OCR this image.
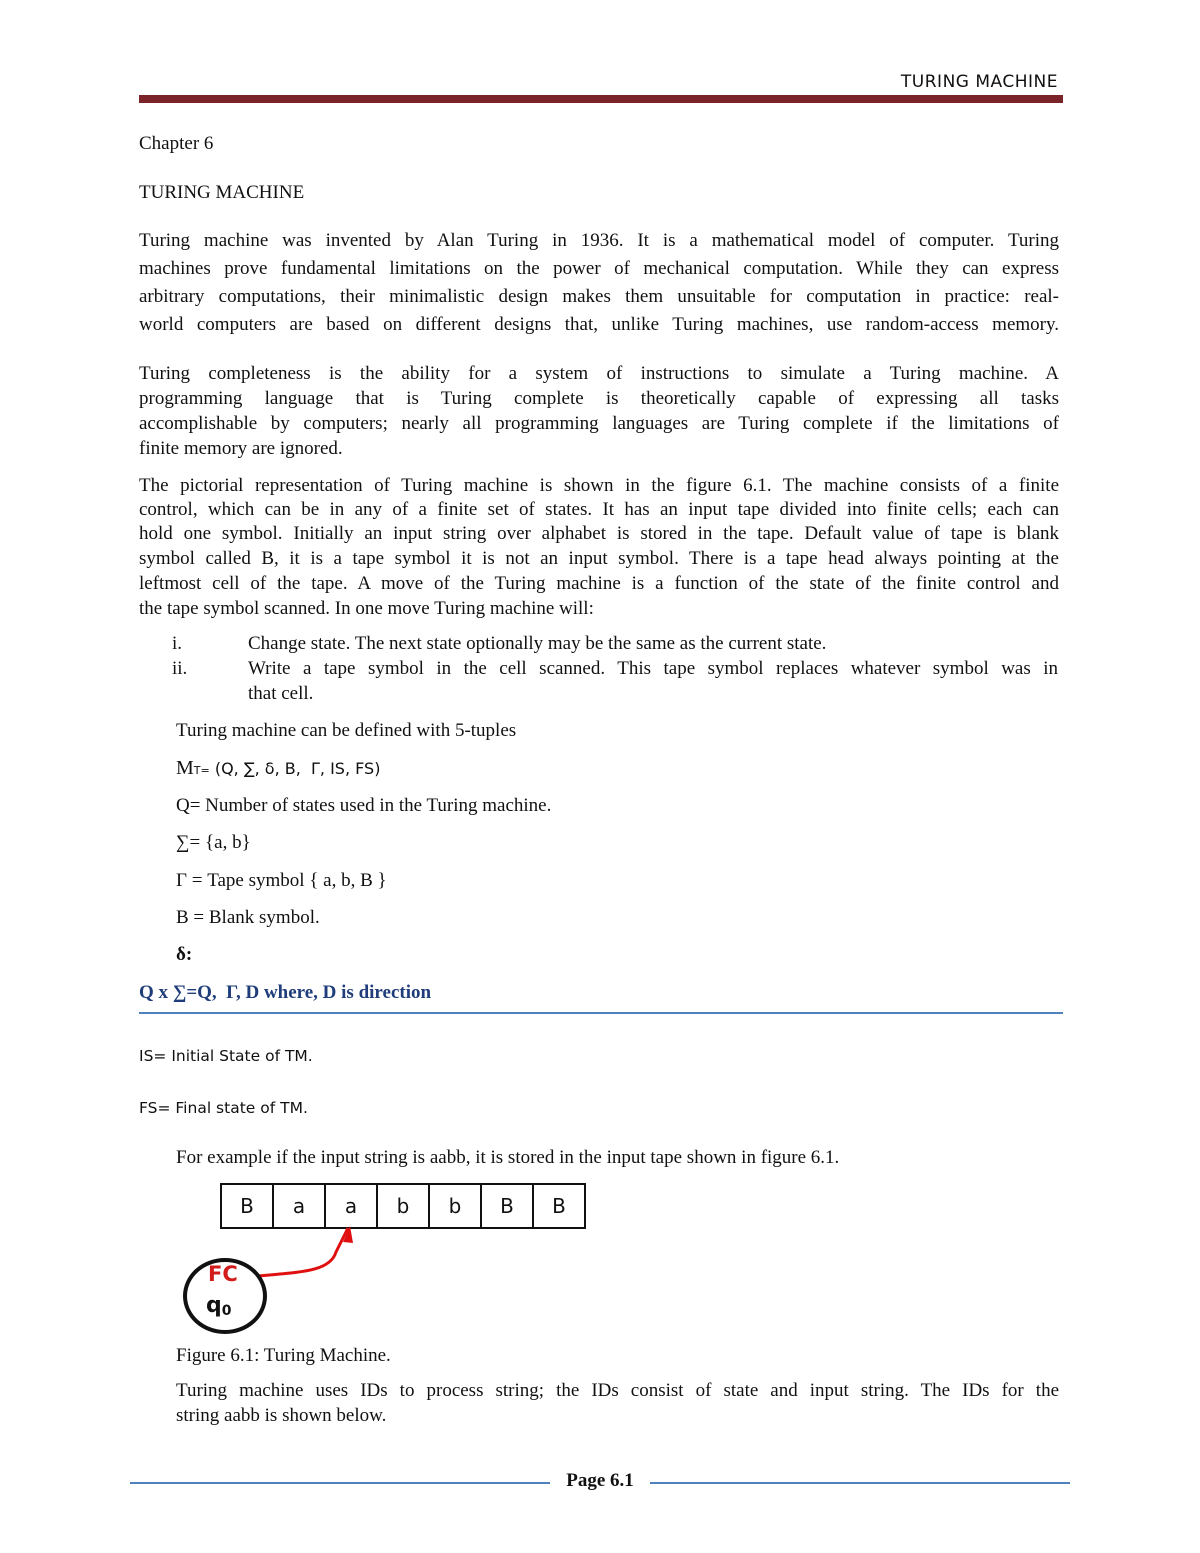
TURING MACHINE
Chapter 6
TURING MACHINE
Turing machine was invented by Alan Turing in 1936. It is a mathematical model of computer. Turing
machines prove fundamental limitations on the power of mechanical computation. While they can express
arbitrary computations, their minimalistic design makes them unsuitable for computation in practice: real-
world computers are based on different designs that, unlike Turing machines, use random-access memory.
Turing completeness is the ability for a system of instructions to simulate a Turing machine. A
programming language that is Turing complete is theoretically capable of expressing all tasks
accomplishable by computers; nearly all programming languages are Turing complete if the limitations of
finite memory are ignored.
The pictorial representation of Turing machine is shown in the figure 6.1. The machine consists of a finite
control, which can be in any of a finite set of states. It has an input tape divided into finite cells; each can
hold one symbol. Initially an input string over alphabet is stored in the tape. Default value of tape is blank
symbol called B, it is a tape symbol it is not an input symbol. There is a tape head always pointing at the
leftmost cell of the tape. A move of the Turing machine is a function of the state of the finite control and
the tape symbol scanned. In one move Turing machine will:
i.	Change state. The next state optionally may be the same as the current state.
ii.	Write a tape symbol in the cell scanned. This tape symbol replaces whatever symbol was in
that cell.
Turing machine can be defined with 5-tuples
MT= (Q, ∑, δ, B,  Γ, IS, FS)
Q= Number of states used in the Turing machine.
∑= {a, b}
Γ = Tape symbol { a, b, B }
B = Blank symbol.
δ:
Q x ∑=Q,  Γ, D where, D is direction
IS= Initial State of TM.
FS= Final state of TM.
For example if the input string is aabb, it is stored in the input tape shown in figure 6.1.
B	a	a	b	b	B	B
FC
q0
Figure 6.1: Turing Machine.
Turing machine uses IDs to process string; the IDs consist of state and input string. The IDs for the
string aabb is shown below.
Page 6.1
